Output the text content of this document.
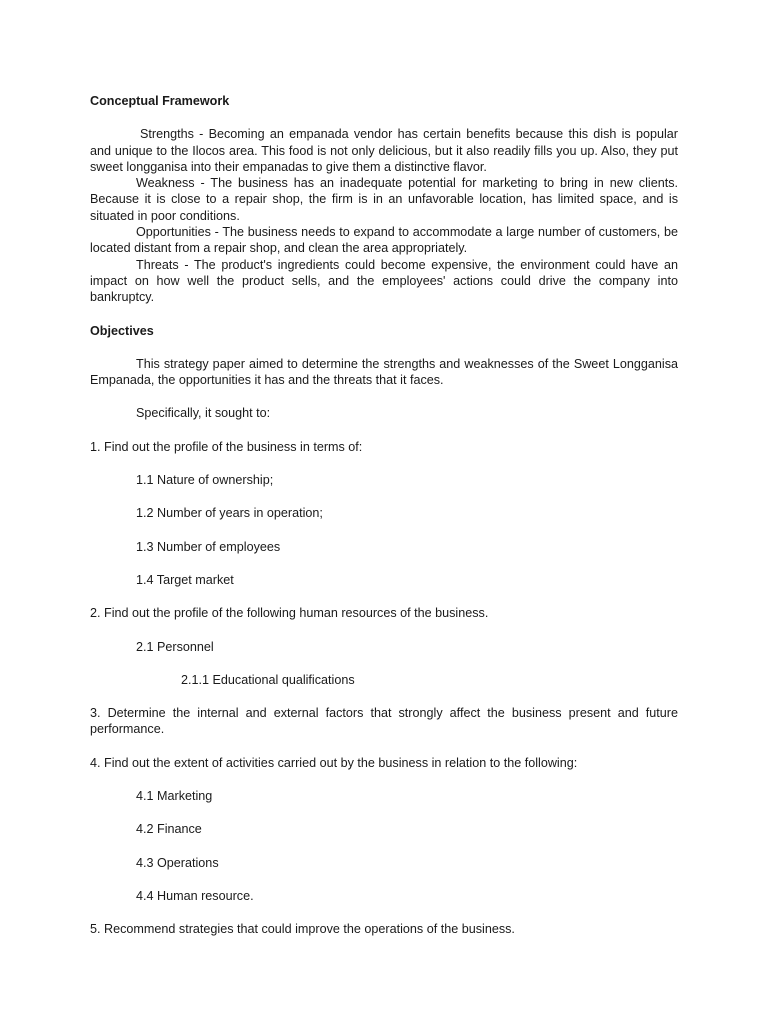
Conceptual Framework
Strengths - Becoming an empanada vendor has certain benefits because this dish is popular and unique to the Ilocos area. This food is not only delicious, but it also readily fills you up. Also, they put sweet longganisa into their empanadas to give them a distinctive flavor.
Weakness - The business has an inadequate potential for marketing to bring in new clients. Because it is close to a repair shop, the firm is in an unfavorable location, has limited space, and is situated in poor conditions.
Opportunities - The business needs to expand to accommodate a large number of customers, be located distant from a repair shop, and clean the area appropriately.
Threats - The product's ingredients could become expensive, the environment could have an impact on how well the product sells, and the employees' actions could drive the company into bankruptcy.
Objectives
This strategy paper aimed to determine the strengths and weaknesses of the Sweet Longganisa Empanada, the opportunities it has and the threats that it faces.
Specifically, it sought to:
1. Find out the profile of the business in terms of:
1.1 Nature of ownership;
1.2 Number of years in operation;
1.3 Number of employees
1.4 Target market
2. Find out the profile of the following human resources of the business.
2.1 Personnel
2.1.1 Educational qualifications
3. Determine the internal and external factors that strongly affect the business present and future performance.
4. Find out the extent of activities carried out by the business in relation to the following:
4.1 Marketing
4.2 Finance
4.3 Operations
4.4 Human resource.
5. Recommend strategies that could improve the operations of the business.
